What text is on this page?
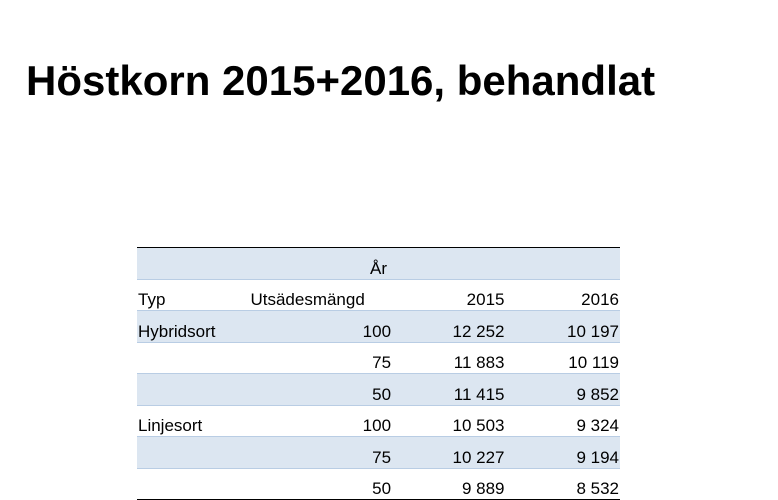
Höstkorn 2015+2016, behandlat
År			
Typ	Utsädesmängd	2015	2016
Hybridsort	100	12 252	10 197
	75	11 883	10 119
	50	11 415	9 852
Linjesort	100	10 503	9 324
	75	10 227	9 194
	50	9 889	8 532
